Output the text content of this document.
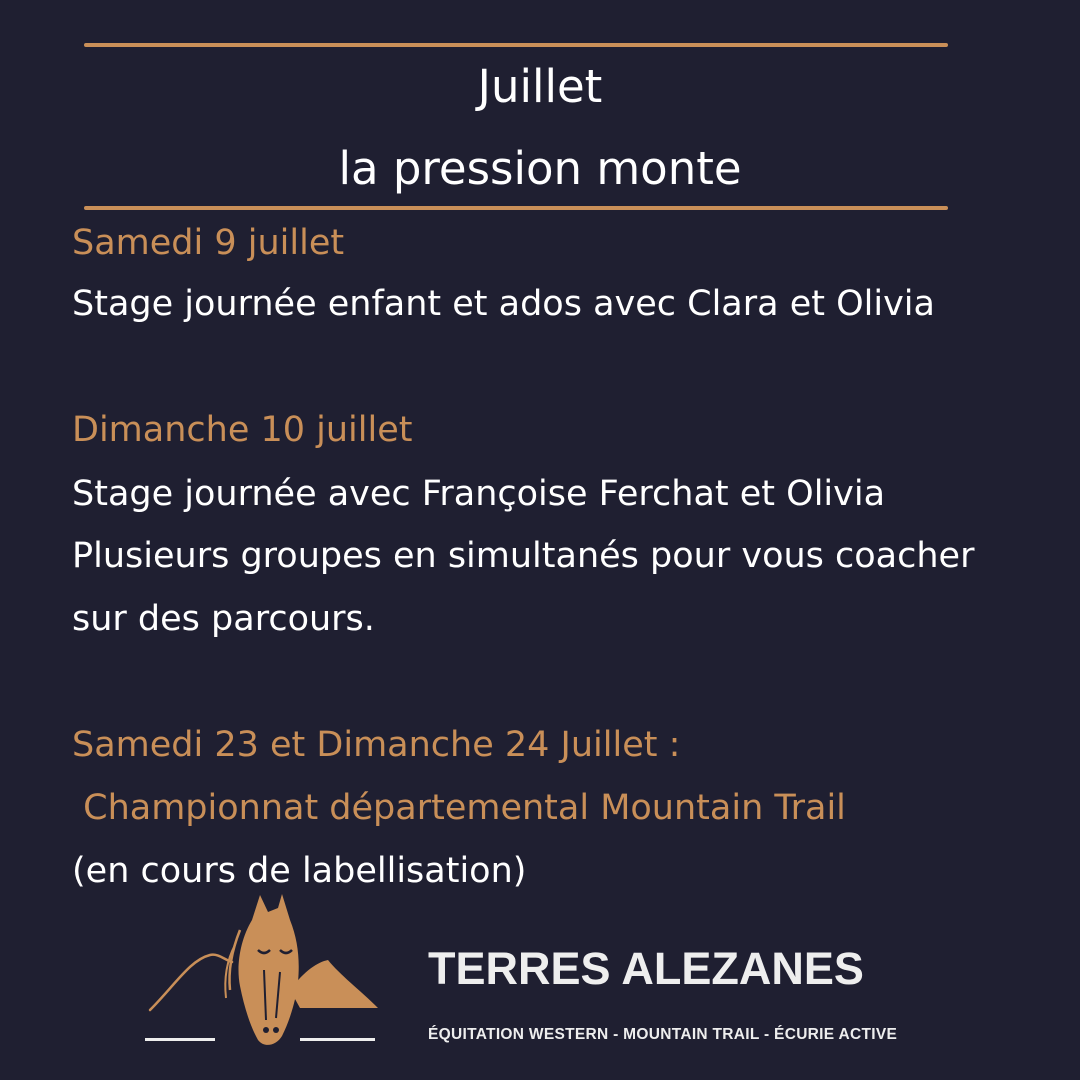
Juillet
la pression monte
Samedi 9 juillet
Stage journée enfant et ados avec Clara et Olivia
Dimanche 10 juillet
Stage journée avec Françoise Ferchat et Olivia
Plusieurs groupes en simultanés pour vous coacher
sur des parcours.
Samedi 23 et Dimanche 24 Juillet :
Championnat départemental Mountain Trail
(en cours de labellisation)
TERRES ALEZANES
ÉQUITATION WESTERN - MOUNTAIN TRAIL - ÉCURIE ACTIVE
